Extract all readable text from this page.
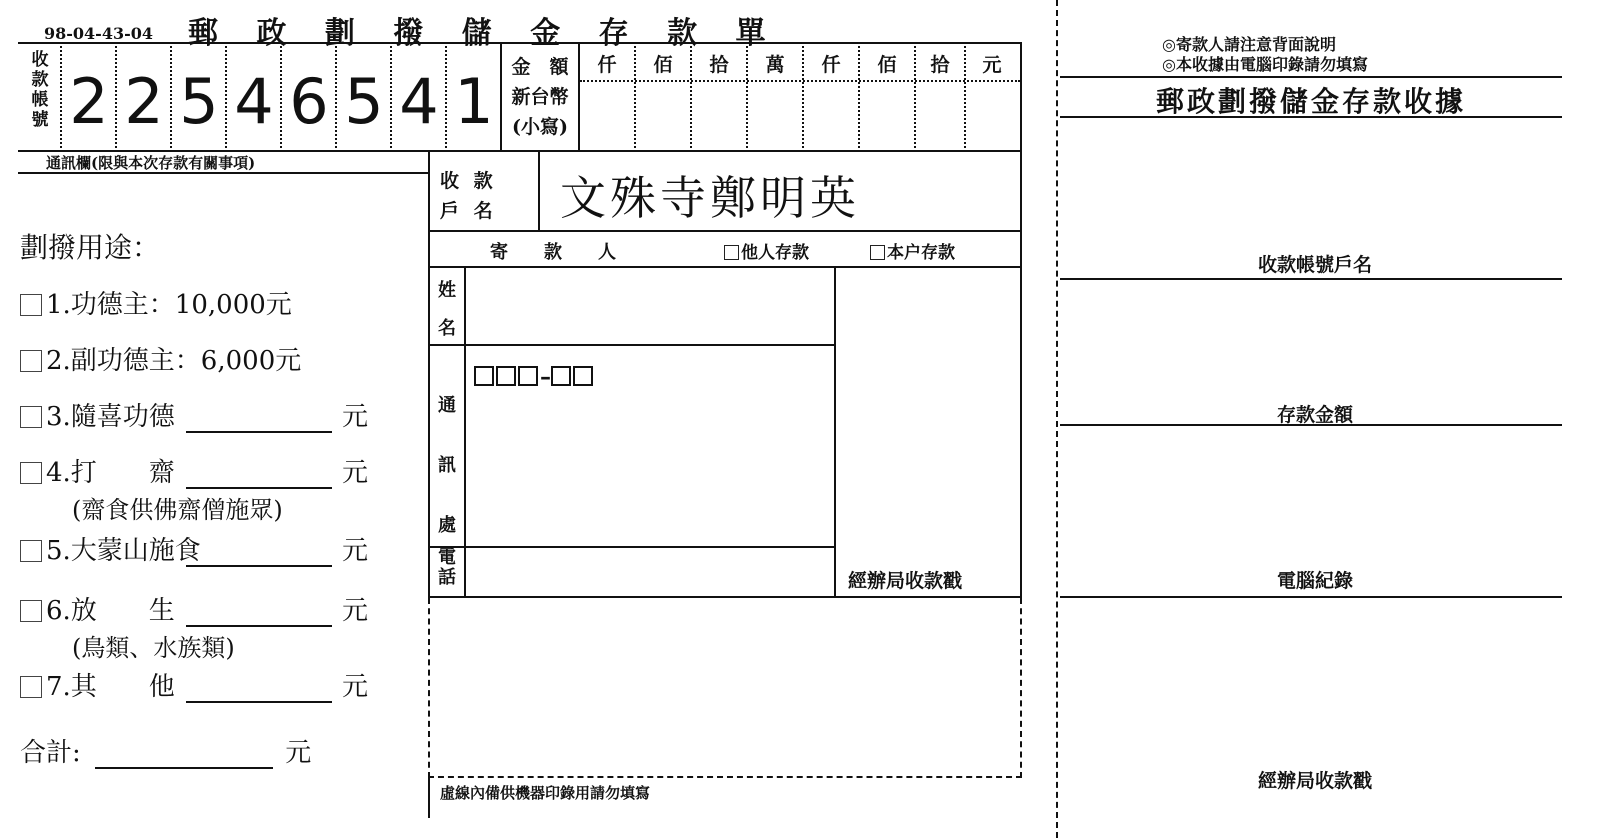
98-04-43-04 郵 政 劃 撥 儲 金 存 款 單
收
款
帳
號 2 2 5 4 6 5 4 1 金　額
新台幣
(小寫)
仟	佰	拾	萬	仟	佰	拾	元
通訊欄(限與本次存款有關事項)
收 款
戶 名 文殊寺鄭明英
寄　　款　　人	他人存款	本户存款
姓
名
通
訊
處
–
電
話	經辦局收款戳
虛線內備供機器印錄用請勿填寫
劃撥用途：
1.功德主：10,000元
2.副功德主：6,000元
3.隨喜功德	元
4.打　　齋	元
(齋食供佛齋僧施眾)
5.大蒙山施食	元
6.放　　生	元
(鳥類、水族類)
7.其　　他	元
合計:	元
◎寄款人請注意背面說明
◎本收據由電腦印錄請勿填寫
郵政劃撥儲金存款收據
收款帳號戶名
存款金額
電腦紀錄
經辦局收款戳
